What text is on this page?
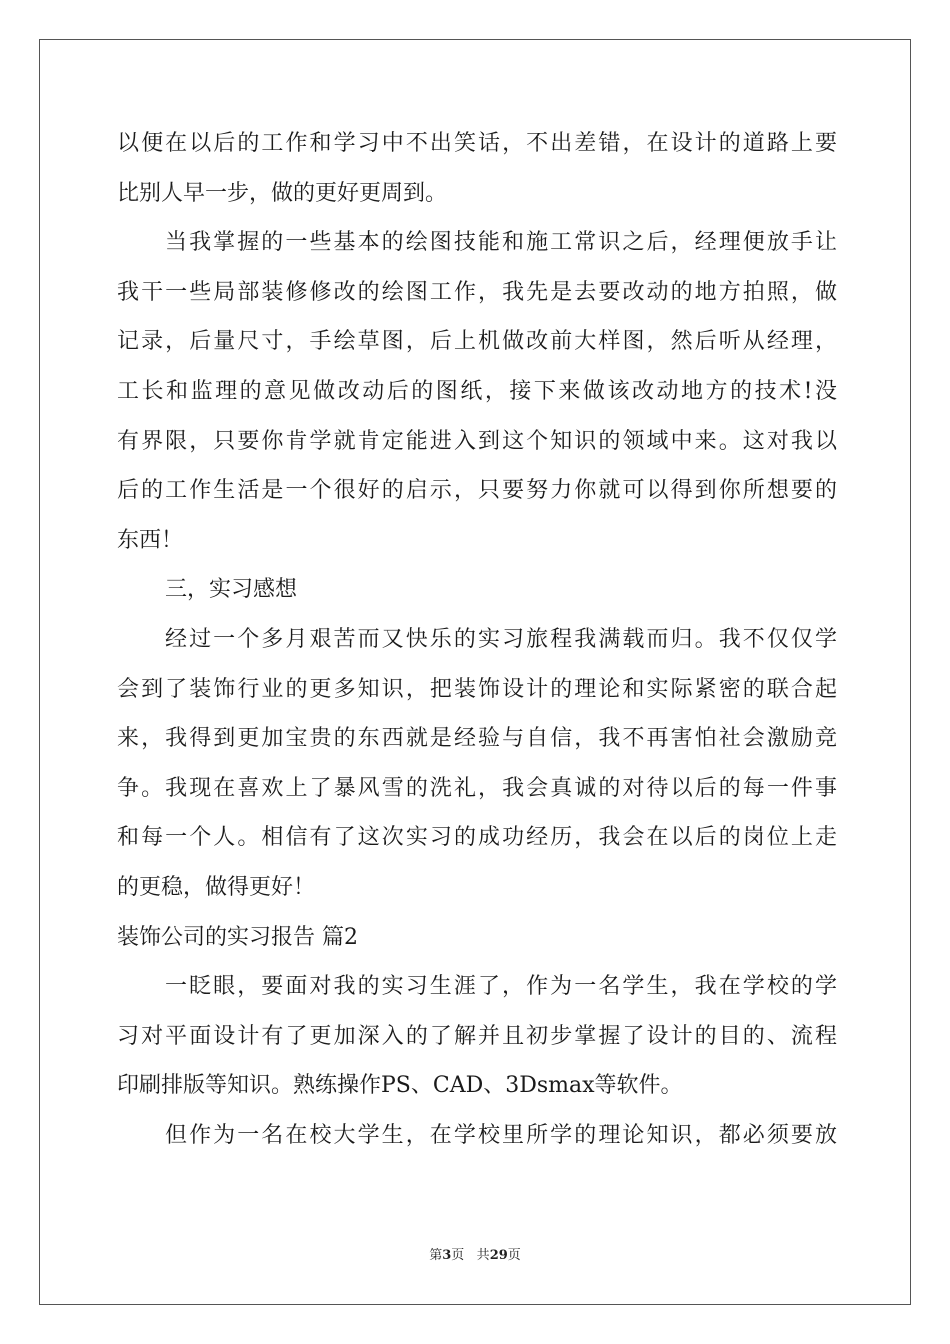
以便在以后的工作和学习中不出笑话，不出差错，在设计的道路上要
比别人早一步，做的更好更周到。
当我掌握的一些基本的绘图技能和施工常识之后，经理便放手让
我干一些局部装修修改的绘图工作，我先是去要改动的地方拍照，做
记录，后量尺寸，手绘草图，后上机做改前大样图，然后听从经理，
工长和监理的意见做改动后的图纸，接下来做该改动地方的技术!没
有界限，只要你肯学就肯定能进入到这个知识的领域中来。这对我以
后的工作生活是一个很好的启示，只要努力你就可以得到你所想要的
东西！
三，实习感想
经过一个多月艰苦而又快乐的实习旅程我满载而归。我不仅仅学
会到了装饰行业的更多知识，把装饰设计的理论和实际紧密的联合起
来，我得到更加宝贵的东西就是经验与自信，我不再害怕社会激励竞
争。我现在喜欢上了暴风雪的洗礼，我会真诚的对待以后的每一件事
和每一个人。相信有了这次实习的成功经历，我会在以后的岗位上走
的更稳，做得更好！
装饰公司的实习报告 篇2
一眨眼，要面对我的实习生涯了，作为一名学生，我在学校的学
习对平面设计有了更加深入的了解并且初步掌握了设计的目的、流程
印刷排版等知识。熟练操作PS、CAD、3Dsmax等软件。
但作为一名在校大学生，在学校里所学的理论知识，都必须要放
第3页 共29页
